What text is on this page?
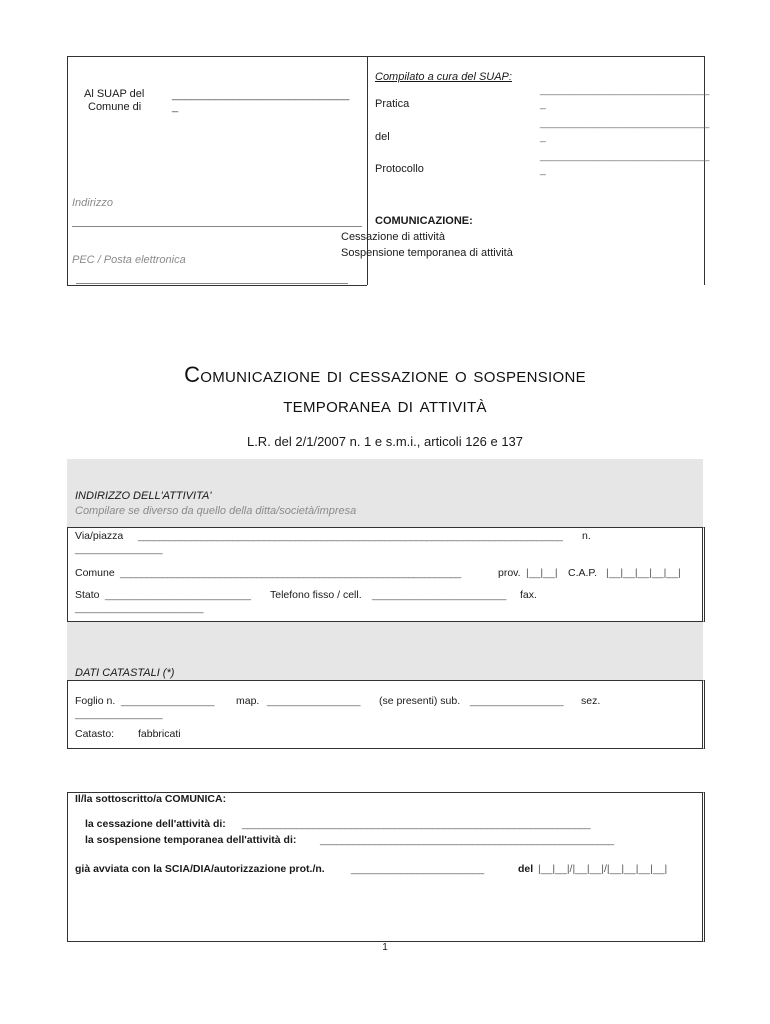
Al SUAP del
Comune di
_____________________________
_
Compilato a cura del SUAP:
Pratica
_____________________________
_
del
_____________________________
_
Protocollo
_____________________________
_
Indirizzo
PEC / Posta elettronica
COMUNICAZIONE:
Cessazione di attività
Sospensione temporanea di attività
Comunicazione di cessazione o sospensione
temporanea di attività
L.R. del 2/1/2007 n. 1 e s.m.i., articoli 126 e 137
INDIRIZZO DELL'ATTIVITA'
Compilare se diverso da quello della ditta/società/impresa
Via/piazza _________________________________________________________________________________ n.
_______________
Comune _________________________________________________________________	prov. |__|__| C.A.P. |__|__|__|__|__|
Stato _________________________ Telefono fisso / cell. _______________________ fax.
______________________
DATI CATASTALI (*)
Foglio n. ________________ map. ________________ (se presenti) sub. ________________ sez.
_______________
Catasto: fabbricati
Il/la sottoscritto/a COMUNICA:
la cessazione dell'attività di: ________________________________________________________________
la sospensione temporanea dell'attività di: ______________________________________________________
già avviata con la SCIA/DIA/autorizzazione prot./n.	________________________	del |__|__|/|__|__|/|__|__|__|__|
1
